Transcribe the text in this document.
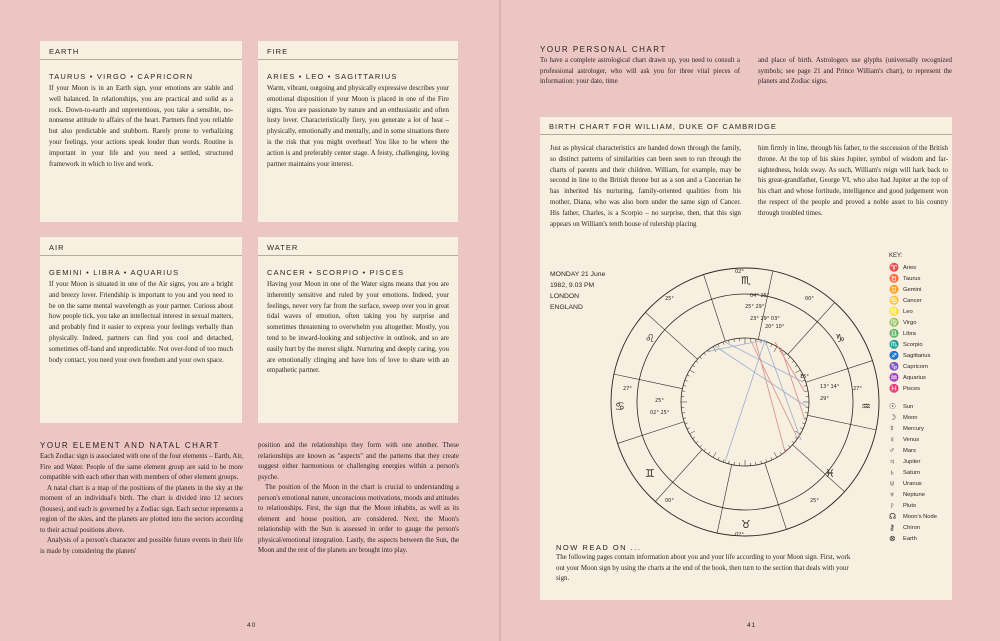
EARTH
TAURUS • VIRGO • CAPRICORN
If your Moon is in an Earth sign, your emotions are stable and well balanced. In relationships, you are practical and solid as a rock. Down-to-earth and unpretentious, you take a sensible, no-nonsense attitude to affairs of the heart. Partners find you reliable but also predictable and stubborn. Rarely prone to verbalizing your feelings, your actions speak louder than words. Routine is important in your life and you need a settled, structured framework in which to live and work.
FIRE
ARIES • LEO • SAGITTARIUS
Warm, vibrant, outgoing and physically expressive describes your emotional disposition if your Moon is placed in one of the Fire signs. You are passionate by nature and an enthusiastic and often lusty lover. Characteristically fiery, you generate a lot of heat – physically, emotionally and mentally, and in some situations there is the risk that you might overheat! You like to be where the action is and preferably center stage. A feisty, challenging, loving partner maintains your interest.
AIR
GEMINI • LIBRA • AQUARIUS
If your Moon is situated in one of the Air signs, you are a bright and breezy lover. Friendship is important to you and you need to be on the same mental wavelength as your partner. Curious about how people tick, you take an intellectual interest in sexual matters, and probably find it easier to express your feelings verbally than physically. Indeed, partners can find you cool and detached, sometimes off-hand and unpredictable. Not over-fond of too much body contact, you need your own freedom and your own space.
WATER
CANCER • SCORPIO • PISCES
Having your Moon in one of the Water signs means that you are inherently sensitive and ruled by your emotions. Indeed, your feelings, never very far from the surface, sweep over you in great tidal waves of emotion, often taking you by surprise and sometimes threatening to overwhelm you altogether. Mostly, you tend to be inward-looking and subjective in outlook, and so are easily hurt by the merest slight. Nurturing and deeply caring, you are emotionally clinging and have lots of love to share with an empathetic partner.
YOUR ELEMENT AND NATAL CHART

Each Zodiac sign is associated with one of the four elements – Earth, Air, Fire and Water. People of the same element group are said to be more compatible with each other than with members of other element groups.

A natal chart is a map of the positions of the planets in the sky at the moment of an individual's birth. The chart is divided into 12 sectors (houses), and each is governed by a Zodiac sign. Each sector represents a region of the skies, and the planets are plotted into the sectors according to their actual positions above.

Analysis of a person's character and possible future events in their life is made by considering the planets'

position and the relationships they form with one another. These relationships are known as "aspects" and the patterns that they create suggest either harmonious or challenging energies within a person's psyche.

The position of the Moon in the chart is crucial to understanding a person's emotional nature, unconscious motivations, moods and attitudes to relationships. First, the sign that the Moon inhabits, as well as its element and house position, are considered. Next, the Moon's relationship with the Sun is assessed in order to gauge the person's physical/emotional integration. Lastly, the aspects between the Sun, the Moon and the rest of the planets are brought into play.

40
YOUR PERSONAL CHART
To have a complete astrological chart drawn up, you need to consult a professional astrologer, who will ask you for three vital pieces of information: your date, time
and place of birth. Astrologers use glyphs (universally recognized symbols; see page 21 and Prince William's chart), to represent the planets and Zodiac signs.
BIRTH CHART FOR WILLIAM, DUKE OF CAMBRIDGE
Just as physical characteristics are handed down through the family, so distinct patterns of similarities can been seen to run through the charts of parents and their children. William, for example, may be second in line to the British throne but as a son and a Cancerian he has inherited his nurturing, family-oriented qualities from his mother, Diana, who was also born under the same sign of Cancer. His father, Charles, is a Scorpio – no surprise, then, that this sign appears on William's tenth house of rulership placing
him firmly in line, through his father, to the succession of the British throne. At the top of his skies Jupiter, symbol of wisdom and far-sightedness, holds sway. As such, William's reign will hark back to his great-grandfather, George VI, who also had Jupiter at the top of his chart and whose fortitude, intelligence and good judgement won the respect of the people and proved a noble asset to his country through troubled times.
MONDAY 21 June
1982, 9.03 PM
LONDON
ENGLAND
02°
25°
27°
00°
02°
25°
27°
00°
04° 25°
25° 29°
23° 29° 03°
20° 10°
25°
02° 25°
15°
13° 14°
29°
♏
♑
♒
♓
♉
♊
♋
♌
KEY:
♈ Aries
♉ Taurus
♊ Gemini
♋ Cancer
♌ Leo
♍ Virgo
♎ Libra
♏ Scorpio
♐ Sagittarius
♑ Capricorn
♒ Aquarius
♓ Pisces
☉	Sun
☽	Moon
☿	Mercury
♀	Venus
♂	Mars
♃	Jupiter
♄	Saturn
♅	Uranus
♆	Neptune
♇	Pluto
☊	Moon's Node
⚷	Chiron
⊗	Earth
NOW READ ON ...
The following pages contain information about you and your life according to your Moon sign. First, work out your Moon sign by using the charts at the end of the book, then turn to the section that deals with your sign.
41
